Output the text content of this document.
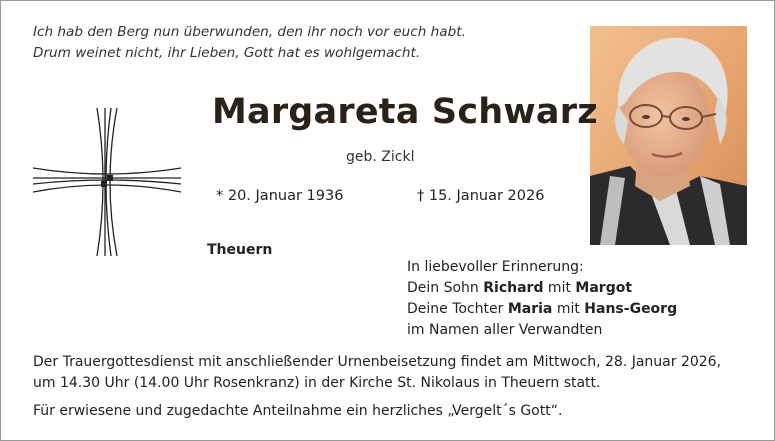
Ich hab den Berg nun überwunden, den ihr noch vor euch habt.
Drum weinet nicht, ihr Lieben, Gott hat es wohlgemacht.
Margareta Schwarz
geb. Zickl
* 20. Januar 1936	† 15. Januar 2026
Theuern
In liebevoller Erinnerung:
Dein Sohn Richard mit Margot
Deine Tochter Maria mit Hans-Georg
im Namen aller Verwandten
Der Trauergottesdienst mit anschließender Urnenbeisetzung findet am Mittwoch, 28. Januar 2026,
um 14.30 Uhr (14.00 Uhr Rosenkranz) in der Kirche St. Nikolaus in Theuern statt.
Für erwiesene und zugedachte Anteilnahme ein herzliches „Vergelt´s Gott“.
